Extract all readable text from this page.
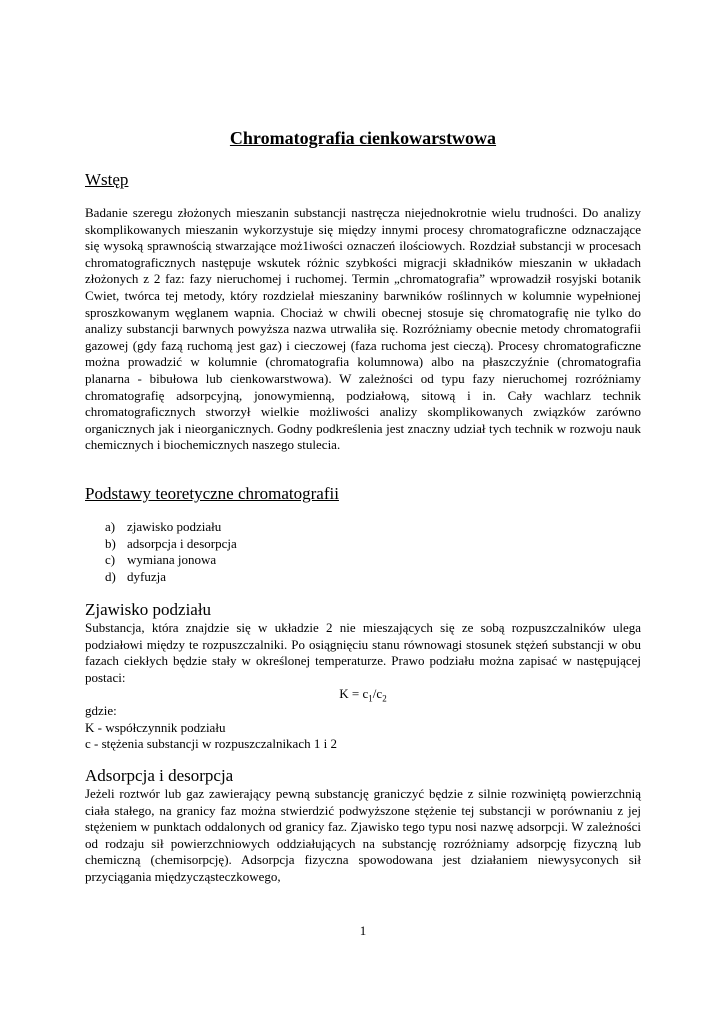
Chromatografia cienkowarstwowa
Wstęp

Badanie szeregu złożonych mieszanin substancji nastręcza niejednokrotnie wielu trudności. Do analizy skomplikowanych mieszanin wykorzystuje się między innymi procesy chromatograficzne odznaczające się wysoką sprawnością stwarzające moż1iwości oznaczeń ilościowych. Rozdział substancji w procesach chromatograficznych następuje wskutek różnic szybkości migracji składników mieszanin w układach złożonych z 2 faz: fazy nieruchomej i ruchomej. Termin „chromatografia” wprowadził rosyjski botanik Cwiet, twórca tej metody, który rozdzielał mieszaniny barwników roślinnych w kolumnie wypełnionej sproszkowanym węglanem wapnia. Chociaż w chwili obecnej stosuje się chromatografię nie tylko do analizy substancji barwnych powyższa nazwa utrwaliła się. Rozróżniamy obecnie metody chromatografii gazowej (gdy fazą ruchomą jest gaz) i cieczowej (faza ruchoma jest cieczą). Procesy chromatograficzne można prowadzić w kolumnie (chromatografia kolumnowa) albo na płaszczyźnie (chromatografia planarna - bibułowa lub cienkowarstwowa). W zależności od typu fazy nieruchomej rozróżniamy chromatografię adsorpcyjną, jonowymienną, podziałową, sitową i in. Cały wachlarz technik chromatograficznych stworzył wielkie możliwości analizy skomplikowanych związków zarówno organicznych jak i nieorganicznych. Godny podkreślenia jest znaczny udział tych technik w rozwoju nauk chemicznych i biochemicznych naszego stulecia.

Podstawy teoretyczne chromatografii
a) zjawisko podziału
b) adsorpcja i desorpcja
c) wymiana jonowa
d) dyfuzja
Zjawisko podziału

Substancja, która znajdzie się w układzie 2 nie mieszających się ze sobą rozpuszczalników ulega podziałowi między te rozpuszczalniki. Po osiągnięciu stanu równowagi stosunek stężeń substancji w obu fazach ciekłych będzie stały w określonej temperaturze. Prawo podziału można zapisać w następującej postaci:

$K = c_1/c_2$
gdzie:
K - współczynnik podziału
c - stężenia substancji w rozpuszczalnikach 1 i 2
Adsorpcja i desorpcja

Jeżeli roztwór lub gaz zawierający pewną substancję graniczyć będzie z silnie rozwiniętą powierzchnią ciała stałego, na granicy faz można stwierdzić podwyższone stężenie tej substancji w porównaniu z jej stężeniem w punktach oddalonych od granicy faz. Zjawisko tego typu nosi nazwę adsorpcji. W zależności od rodzaju sił powierzchniowych oddziałujących na substancję rozróżniamy adsorpcję fizyczną lub chemiczną (chemisorpcję). Adsorpcja fizyczna spowodowana jest działaniem niewysyconych sił przyciągania międzycząsteczkowego,

1
